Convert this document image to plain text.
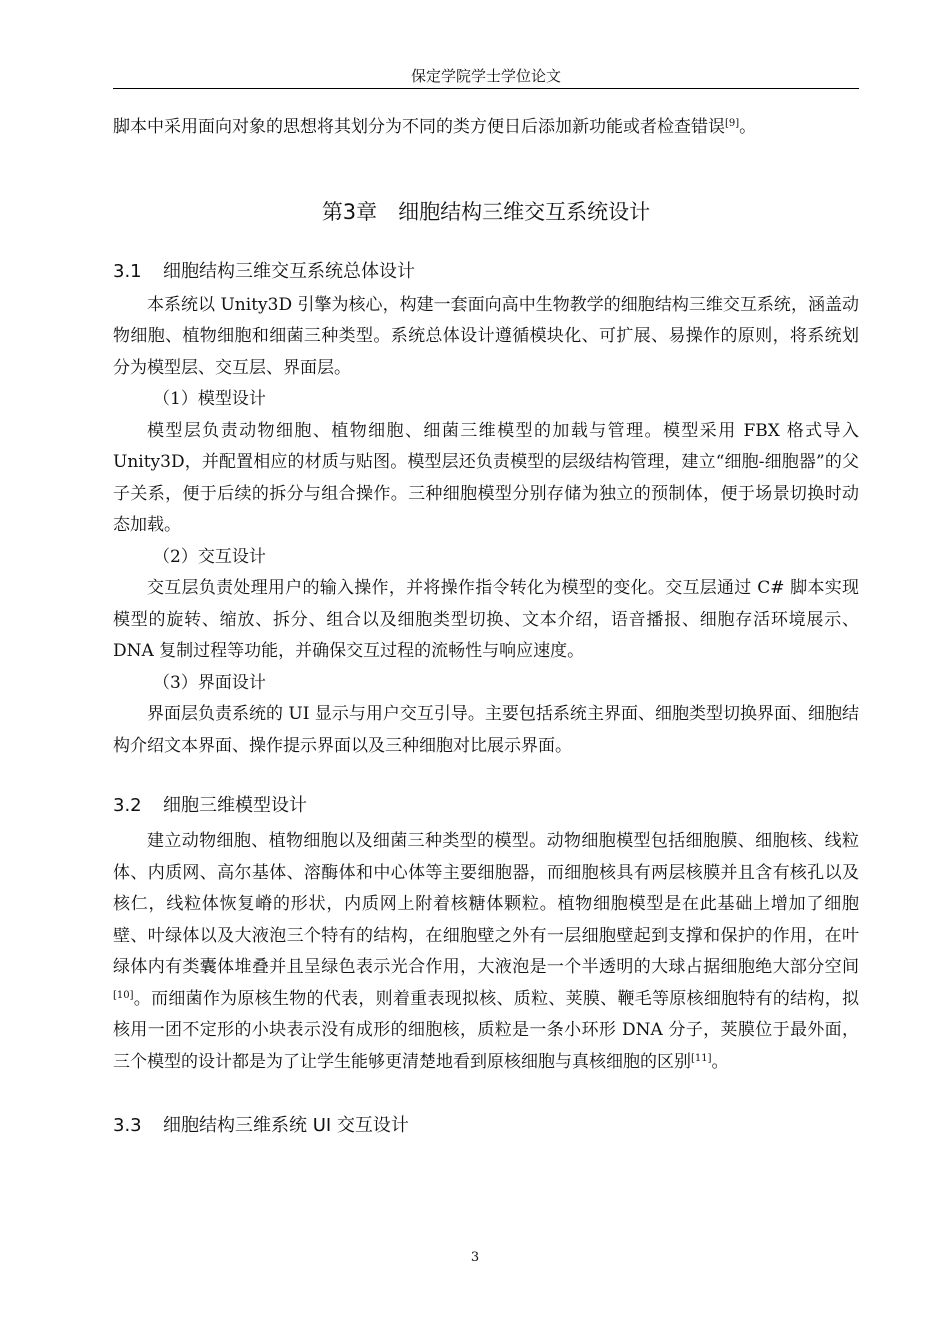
保定学院学士学位论文

脚本中采用面向对象的思想将其划分为不同的类方便日后添加新功能或者检查错误[9]。

第3章　细胞结构三维交互系统设计
3.1 细胞结构三维交互系统总体设计

本系统以 Unity3D 引擎为核心，构建一套面向高中生物教学的细胞结构三维交互系统，涵盖动物细胞、植物细胞和细菌三种类型。系统总体设计遵循模块化、可扩展、易操作的原则，将系统划分为模型层、交互层、界面层。

（1）模型设计

模型层负责动物细胞、植物细胞、细菌三维模型的加载与管理。模型采用 FBX 格式导入 Unity3D，并配置相应的材质与贴图。模型层还负责模型的层级结构管理，建立“细胞-细胞器”的父子关系，便于后续的拆分与组合操作。三种细胞模型分别存储为独立的预制体，便于场景切换时动态加载。

（2）交互设计

交互层负责处理用户的输入操作，并将操作指令转化为模型的变化。交互层通过 C# 脚本实现模型的旋转、缩放、拆分、组合以及细胞类型切换、文本介绍，语音播报、细胞存活环境展示、DNA 复制过程等功能，并确保交互过程的流畅性与响应速度。

（3）界面设计

界面层负责系统的 UI 显示与用户交互引导。主要包括系统主界面、细胞类型切换界面、细胞结构介绍文本界面、操作提示界面以及三种细胞对比展示界面。

3.2 细胞三维模型设计

建立动物细胞、植物细胞以及细菌三种类型的模型。动物细胞模型包括细胞膜、细胞核、线粒体、内质网、高尔基体、溶酶体和中心体等主要细胞器，而细胞核具有两层核膜并且含有核孔以及核仁，线粒体恢复嵴的形状，内质网上附着核糖体颗粒。植物细胞模型是在此基础上增加了细胞壁、叶绿体以及大液泡三个特有的结构，在细胞壁之外有一层细胞壁起到支撑和保护的作用，在叶绿体内有类囊体堆叠并且呈绿色表示光合作用，大液泡是一个半透明的大球占据细胞绝大部分空间[10]。而细菌作为原核生物的代表，则着重表现拟核、质粒、荚膜、鞭毛等原核细胞特有的结构，拟核用一团不定形的小块表示没有成形的细胞核，质粒是一条小环形 DNA 分子，荚膜位于最外面，三个模型的设计都是为了让学生能够更清楚地看到原核细胞与真核细胞的区别[11]。

3.3 细胞结构三维系统 UI 交互设计
3
